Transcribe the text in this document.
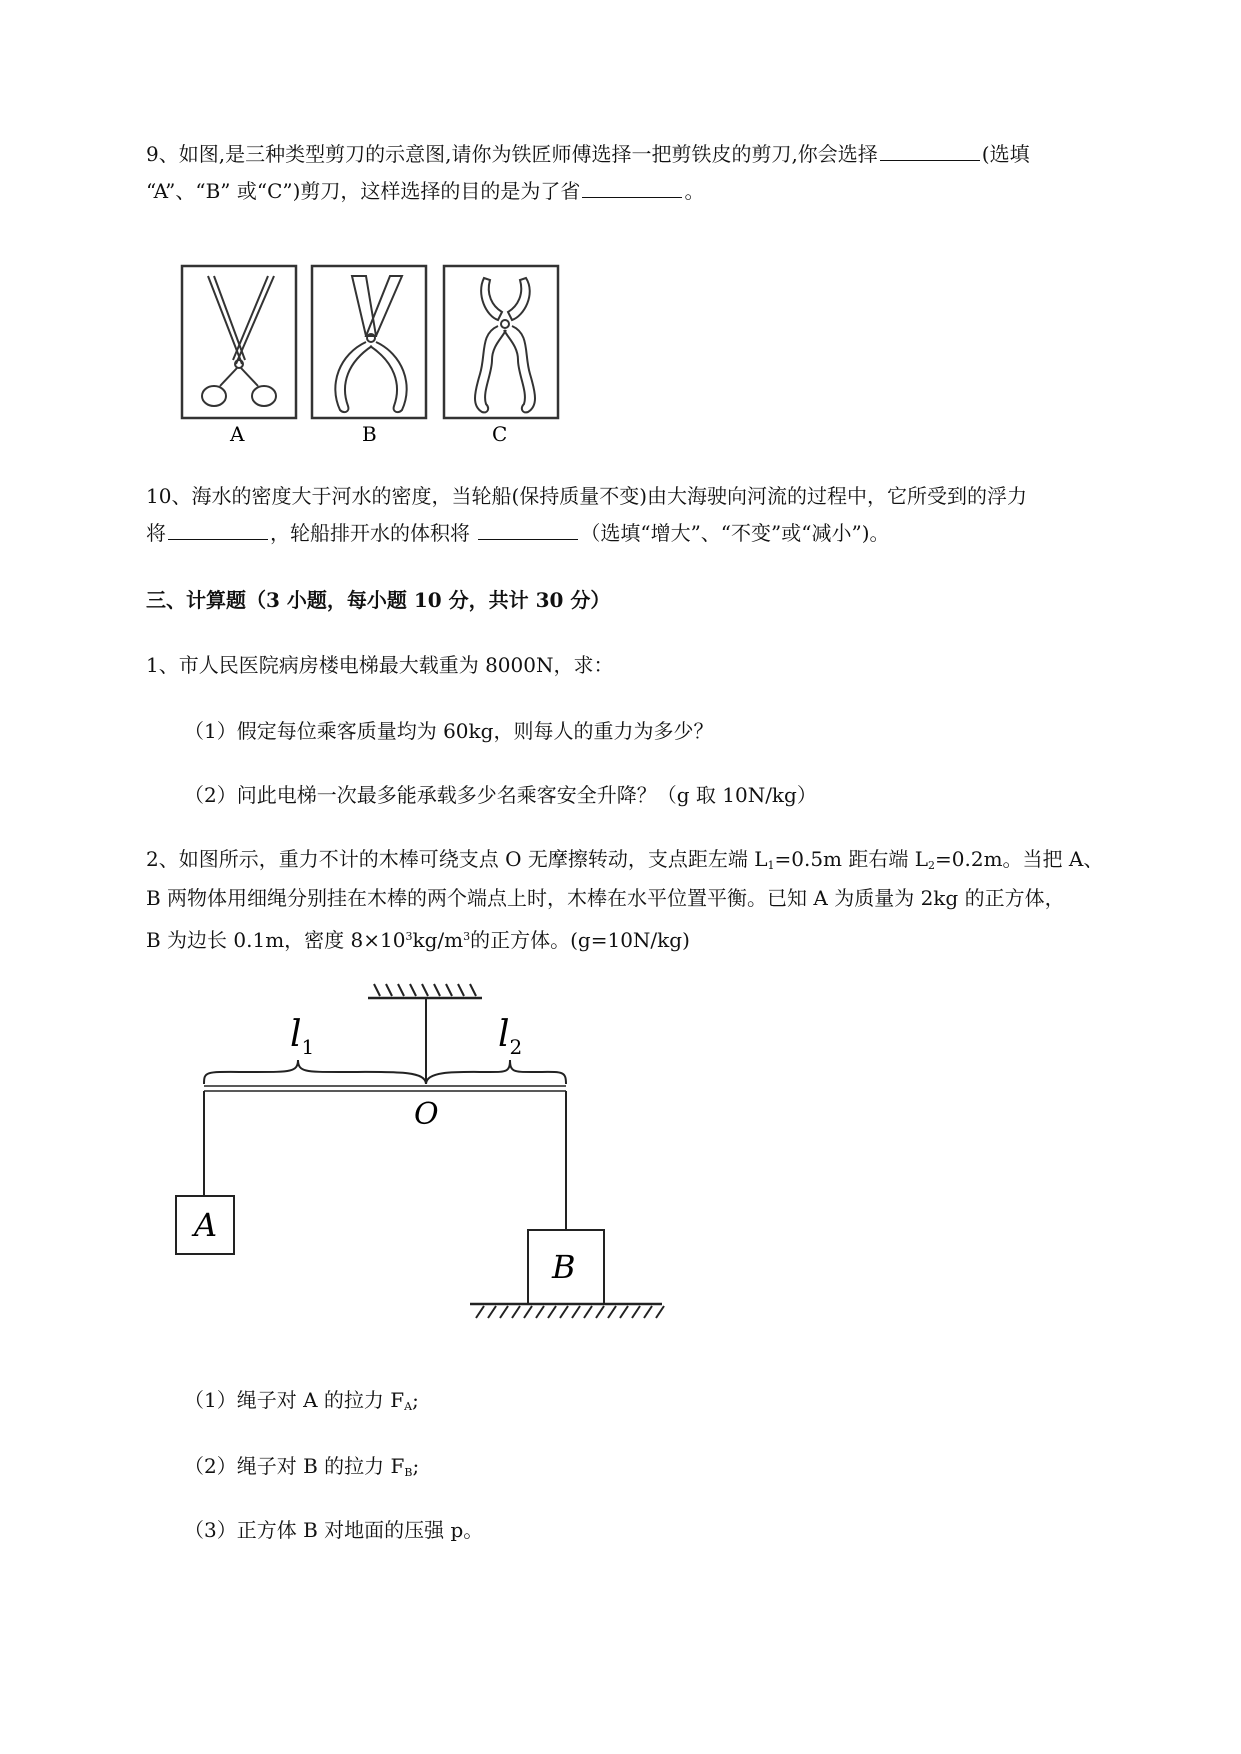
9、如图,是三种类型剪刀的示意图,请你为铁匠师傅选择一把剪铁皮的剪刀,你会选择	(选填
“A”、“B” 或“C”)剪刀，这样选择的目的是为了省	。
A	B	C
10、海水的密度大于河水的密度，当轮船(保持质量不变)由大海驶向河流的过程中，它所受到的浮力
将	，轮船排开水的体积将	（选填“增大”、“不变”或“减小”)。
三、计算题（3 小题，每小题 10 分，共计 30 分）
1、市人民医院病房楼电梯最大载重为 8000N，求：
（1）假定每位乘客质量均为 60kg，则每人的重力为多少？
（2）问此电梯一次最多能承载多少名乘客安全升降？（g 取 10N/kg）
2、如图所示，重力不计的木棒可绕支点 O 无摩擦转动，支点距左端 $L_1=0.5m$ 距右端 $L_2=0.2m$。当把 A、
B 两物体用细绳分别挂在木棒的两个端点上时，木棒在水平位置平衡。已知 A 为质量为 2kg 的正方体，
B 为边长 0.1m，密度 $8\times 10^3kg/m^3$的正方体。(g=10N/kg)
$l_1$	$l_2$
O
A
B
（1）绳子对 A 的拉力 $F_A$;
（2）绳子对 B 的拉力 $F_B$;
（3）正方体 B 对地面的压强 p。
